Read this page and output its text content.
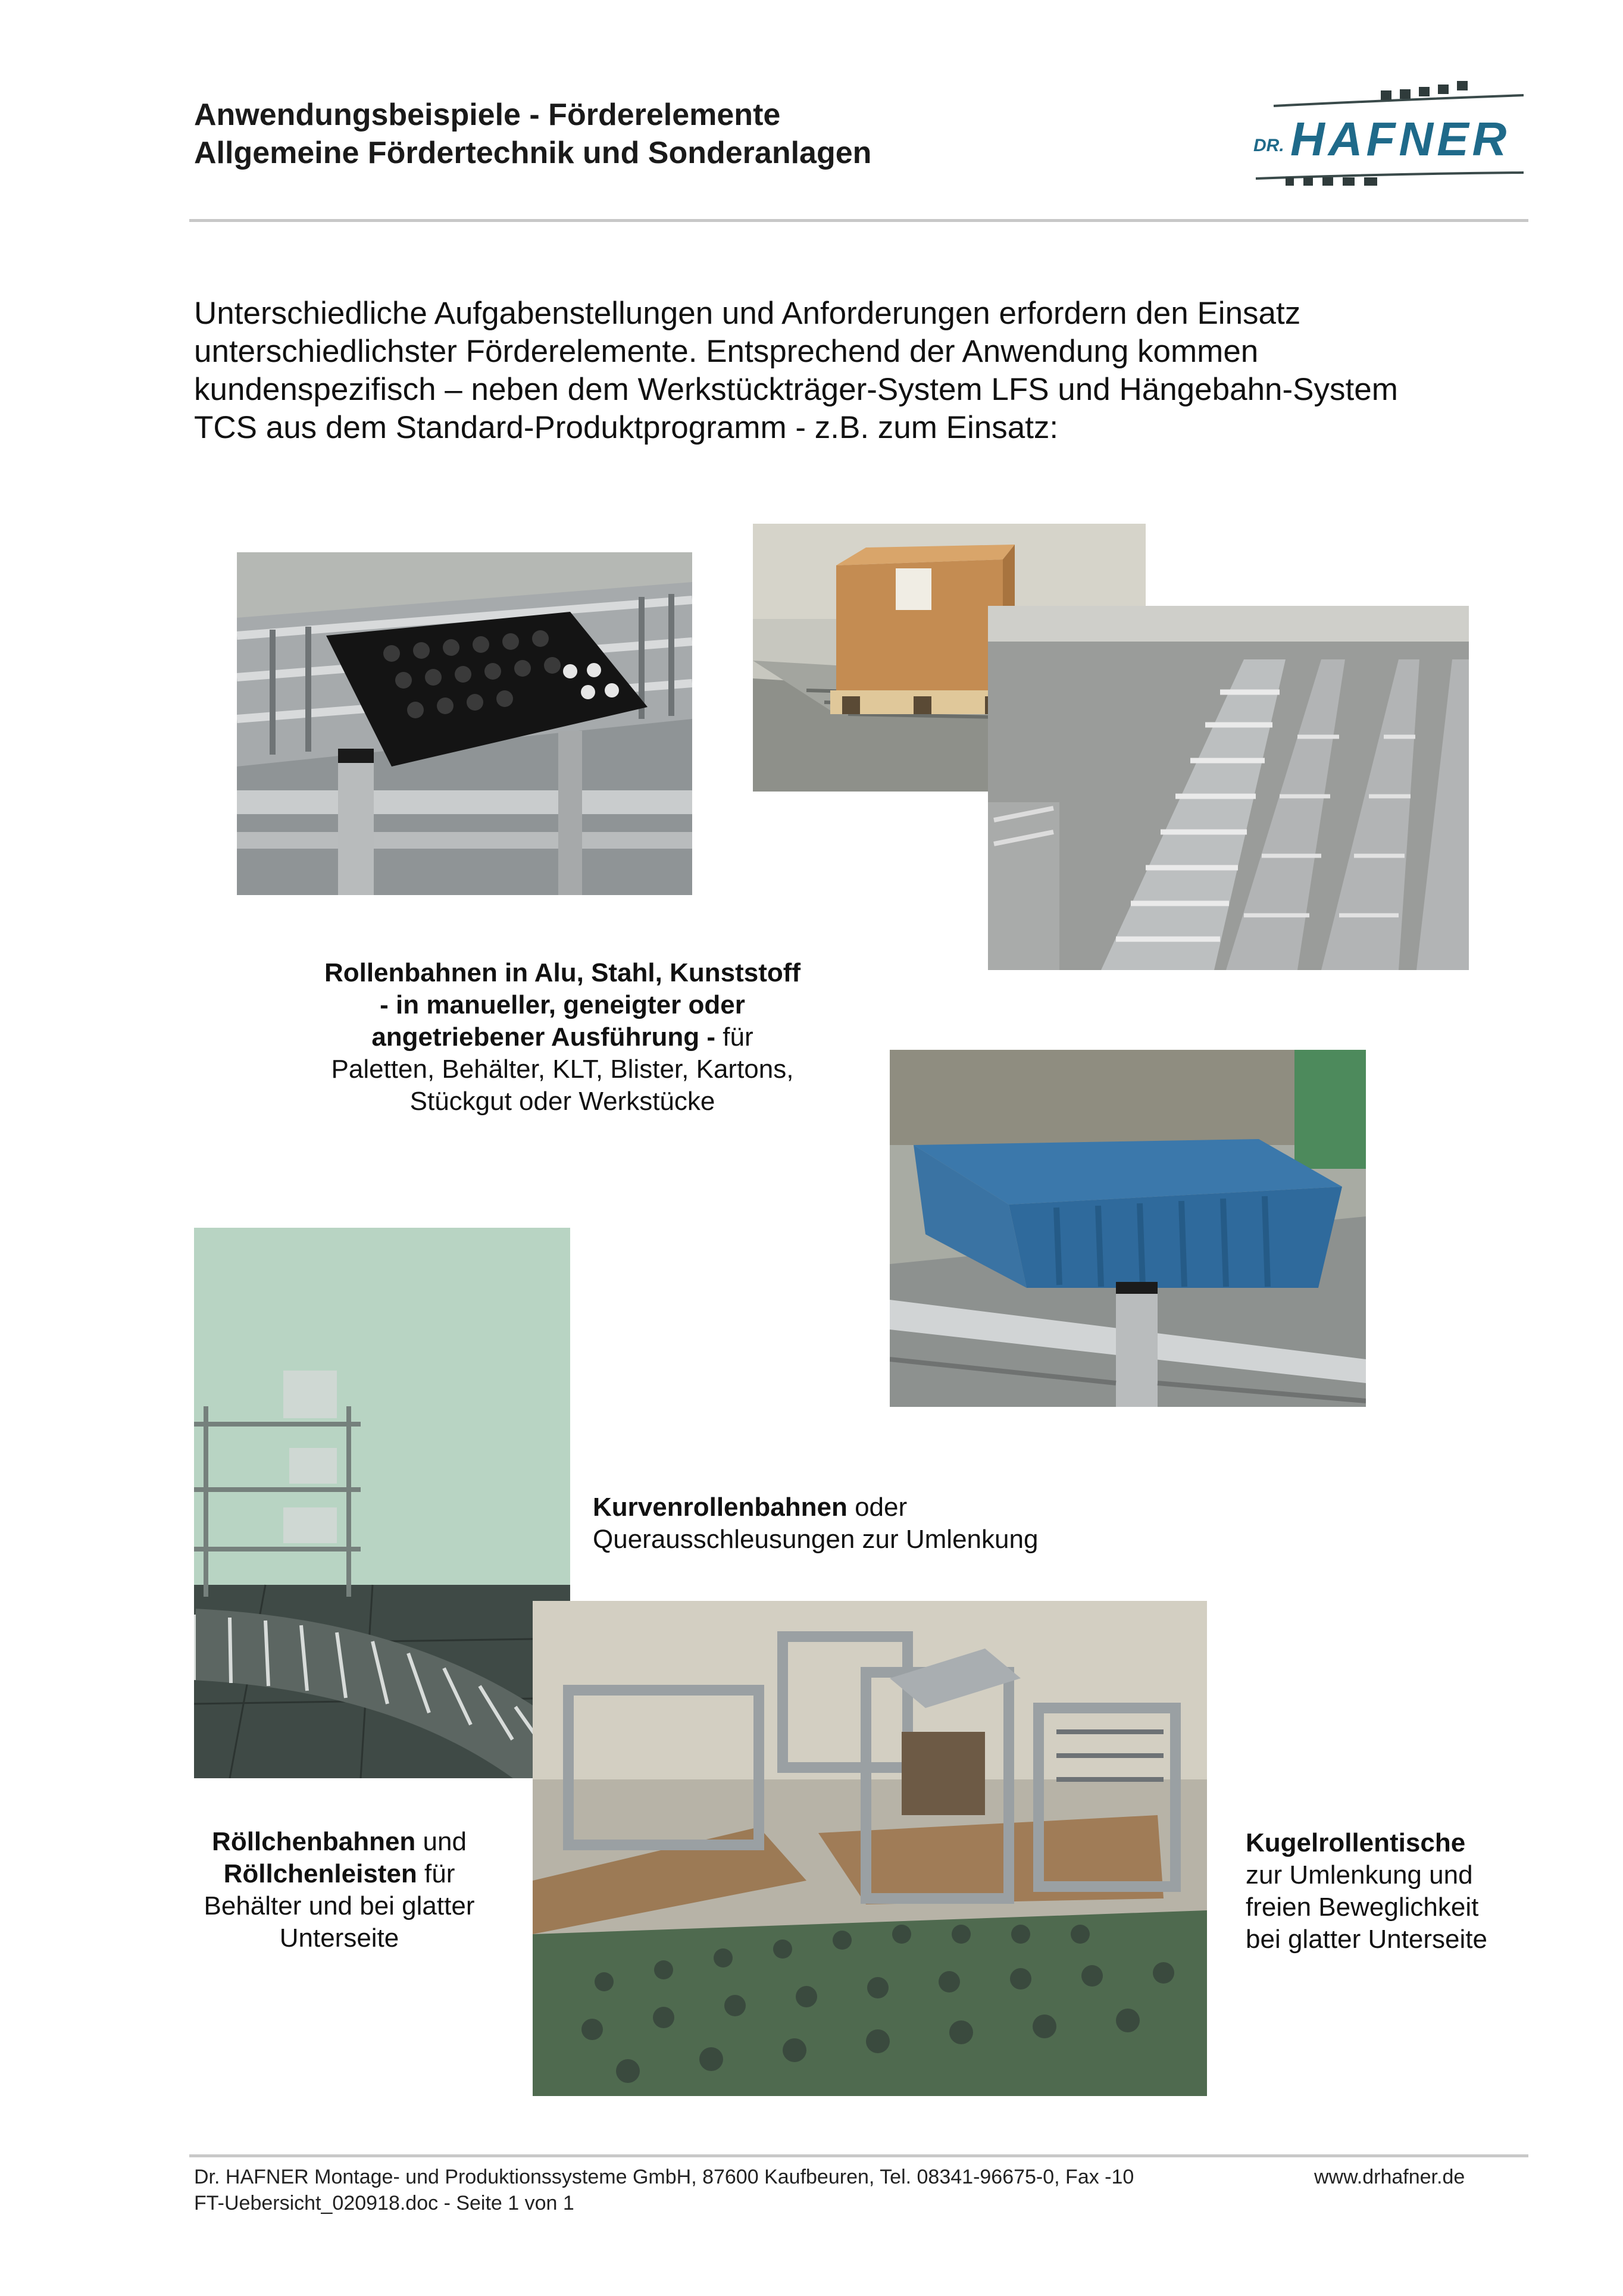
Anwendungsbeispiele - Förderelemente
Allgemeine Fördertechnik und Sonderanlagen	DR. HAFNER
Unterschiedliche Aufgabenstellungen und Anforderungen erfordern den Einsatz
unterschiedlichster Förderelemente. Entsprechend der Anwendung kommen
kundenspezifisch – neben dem Werkstückträger-System LFS und Hängebahn-System
TCS aus dem Standard-Produktprogramm - z.B. zum Einsatz:
Rollenbahnen in Alu, Stahl, Kunststoff
- in manueller, geneigter oder
angetriebener Ausführung - für
Paletten, Behälter, KLT, Blister, Kartons,
Stückgut oder Werkstücke
Kurvenrollenbahnen oder
Querausschleusungen zur Umlenkung
Röllchenbahnen und
Röllchenleisten für
Behälter und bei glatter
Unterseite
Kugelrollentische
zur Umlenkung und
freien Beweglichkeit
bei glatter Unterseite
Dr. HAFNER Montage- und Produktionssysteme GmbH, 87600 Kaufbeuren, Tel. 08341-96675-0, Fax -10
FT-Uebersicht_020918.doc - Seite 1 von 1
www.drhafner.de
